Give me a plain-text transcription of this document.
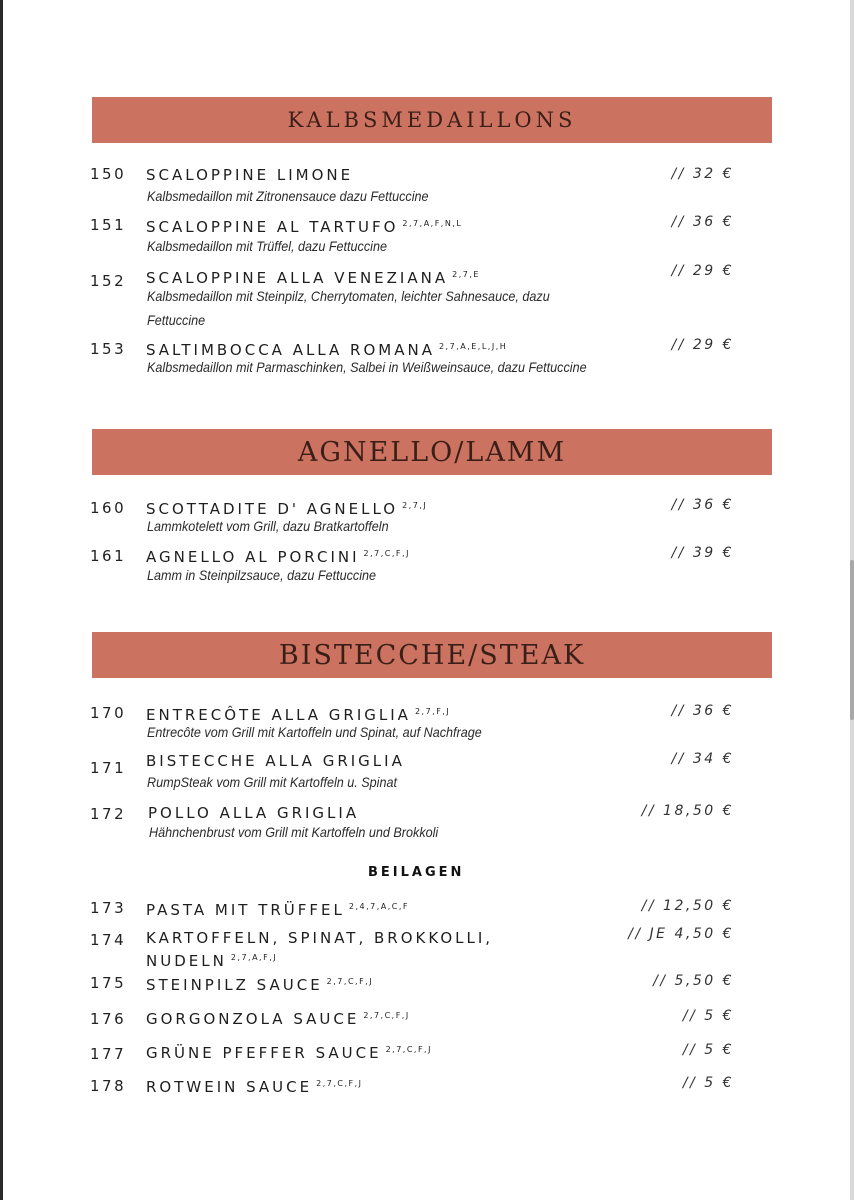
KALBSMEDAILLONS
150	SCALOPPINE LIMONE	// 32 €
Kalbsmedaillon mit Zitronensauce dazu Fettuccine
151	SCALOPPINE AL TARTUFO $^{2,7,A,F,N,L}$	// 36 €
Kalbsmedaillon mit Trüffel, dazu Fettuccine
152	SCALOPPINE ALLA VENEZIANA $^{2,7,E}$	// 29 €
Kalbsmedaillon mit Steinpilz, Cherrytomaten, leichter Sahnesauce, dazu
Fettuccine
153	SALTIMBOCCA ALLA ROMANA $^{2,7,A,E,L,J,H}$	// 29 €
Kalbsmedaillon mit Parmaschinken, Salbei in Weißweinsauce, dazu Fettuccine
AGNELLO/LAMM
160	SCOTTADITE D' AGNELLO $^{2,7,J}$	// 36 €
Lammkotelett vom Grill, dazu Bratkartoffeln
161	AGNELLO AL PORCINI $^{2,7,C,F,J}$	// 39 €
Lamm in Steinpilzsauce, dazu Fettuccine
BISTECCHE/STEAK
170	ENTRECÔTE ALLA GRIGLIA $^{2,7,F,J}$	// 36 €
Entrecôte vom Grill mit Kartoffeln und Spinat, auf Nachfrage
171	BISTECCHE ALLA GRIGLIA	// 34 €
RumpSteak vom Grill mit Kartoffeln u. Spinat
172	POLLO ALLA GRIGLIA	// 18,50 €
Hähnchenbrust vom Grill mit Kartoffeln und Brokkoli
BEILAGEN
173	PASTA MIT TRÜFFEL $^{2,4,7,A,C,F}$	// 12,50 €
174	KARTOFFELN, SPINAT, BROKKOLLI,
NUDELN $^{2,7,A,F,J}$
// JE 4,50 €
175	STEINPILZ SAUCE $^{2,7,C,F,J}$	// 5,50 €
176	GORGONZOLA SAUCE $^{2,7,C,F,J}$	// 5 €
177	GRÜNE PFEFFER SAUCE $^{2,7,C,F,J}$	// 5 €
178	ROTWEIN SAUCE $^{2,7,C,F,J}$	// 5 €
